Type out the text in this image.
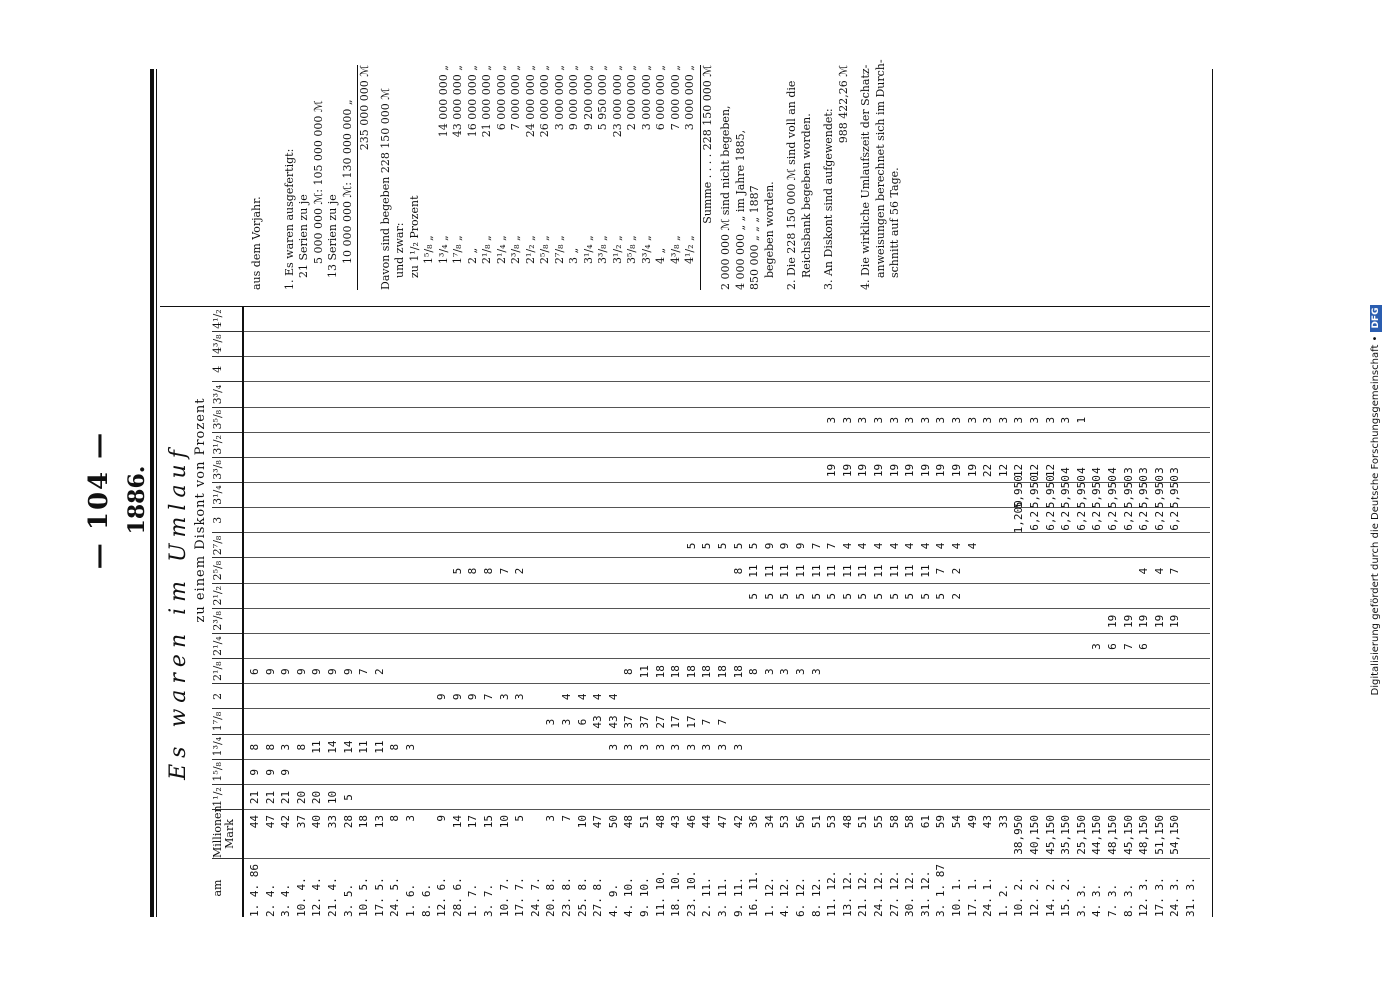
— 104 — 1886. Es waren im Umlauf zu einem Diskont von Prozent
am
Millionen Mark
1¹/₂
1⁵/₈
1³/₄
1⁷/₈
2
2¹/₈
2¹/₄
2³/₈
2¹/₂
2⁵/₈
2⁷/₈
3
3¹/₄
3³/₈
3¹/₂
3⁵/₈
3³/₄
4
4³/₈
4¹/₂
1. 4. 86
44
21
9
8
6
2. 4.
47
21
9
8
9
3. 4.
42
21
9
3
9
10. 4.
37
20
8
9
12. 4.
40
20
11
9
21. 4.
33
10
14
9
3. 5.
28
5
14
9
10. 5.
18
11
7
17. 5.
13
11
2
24. 5.
8
8
1. 6.
3
3
8. 6. 12. 6.
9
9
28. 6.
14
9
5
1. 7.
17
9
8
3. 7.
15
7
8
10. 7.
10
3
7
17. 7.
5
3
2
24. 7. 20. 8.
3
3
23. 8.
7
3
4
25. 8.
10
6
4
27. 8.
47
43
4
4. 9.
50
3
43
4
4. 10.
48
3
37
8
9. 10.
51
3
37
11
11. 10.
48
3
27
18
18. 10.
43
3
17
18
23. 10.
46
3
17
18
5
2. 11.
44
3
7
18
5
3. 11.
47
3
7
18
5
9. 11.
42
3
18
8
5
16. 11.
36
8
5
11
5
1. 12.
34
3
5
11
9
4. 12.
53
3
5
11
9
6. 12.
56
3
5
11
9
8. 12.
51
3
5
11
7
11. 12.
53
5
11
7
19
3
13. 12.
48
5
11
4
19
3
21. 12.
51
5
11
4
19
3
24. 12.
55
5
11
4
19
3
27. 12.
58
5
11
4
19
3
30. 12.
58
5
11
4
19
3
31. 12.
61
5
11
4
19
3
3. 1. 87
59
5
7
4
19
3
10. 1.
54
2
2
4
19
3
17. 1.
49
4
19
3
24. 1.
43
22
3
1. 2.
33
12
3
10. 2.
38,950
1,200
5,950
12
3
12. 2.
40,150
6,2
5,950
12
3
14. 2.
45,150
6,2
5,950
12
3
15. 2.
35,150
6,2
5,950
4
3
3. 3.
25,150
6,2
5,950
4
1
4. 3.
44,150
3
6,2
5,950
4
7. 3.
48,150
6
19
6,2
5,950
4
8. 3.
45,150
7
19
6,2
5,950
3
12. 3.
48,150
6
19
4
6,2
5,950
3
17. 3.
51,150
19
4
6,2
5,950
3
24. 3.
54,150
19
7
6,2
5,950
3
31. 3.
aus dem Vorjahr. 1. Es waren ausgefertigt: 21 Serien zu je 5 000 000 ℳ: 105 000 000 ℳ 13 Serien zu je 10 000 000 ℳ: 130 000 000 „ 235 000 000 ℳ Davon sind begeben 228 150 000 ℳ und zwar: zu 1¹/₂ Prozent 1⁵/₈ „ 1³/₄ „
14 000 000 „
1⁷/₈ „
43 000 000 „
2 „
16 000 000 „
2¹/₈ „
21 000 000 „
2¹/₄ „
6 000 000 „
2³/₈ „
7 000 000 „
2¹/₂ „
24 000 000 „
2⁵/₈ „
26 000 000 „
2⁷/₈ „
3 000 000 „
3 „
9 000 000 „
3¹/₄ „
9 200 000 „
3³/₈ „
5 950 000 „
3¹/₂ „
23 000 000 „
3⁵/₈ „
2 000 000 „
3³/₄ „
3 000 000 „
4 „
6 000 000 „
4³/₈ „
7 000 000 „
4¹/₂ „
3 000 000 „ Summe . . . . 228 150 000 ℳ 2 000 000 ℳ sind nicht begeben, 4 000 000 „ „ im Jahre 1885, 850 000 „ „ „ 1887 begeben worden. 2. Die 228 150 000 ℳ sind voll an die Reichsbank begeben worden. 3. An Diskont sind aufgewendet:
988 422,26 ℳ 4. Die wirkliche Umlaufszeit der Schatz- anweisungen berechnet sich im Durch- schnitt auf 56 Tage.
Digitalisierung gefördert durch die Deutsche Forschungsgemeinschaft •DFG
